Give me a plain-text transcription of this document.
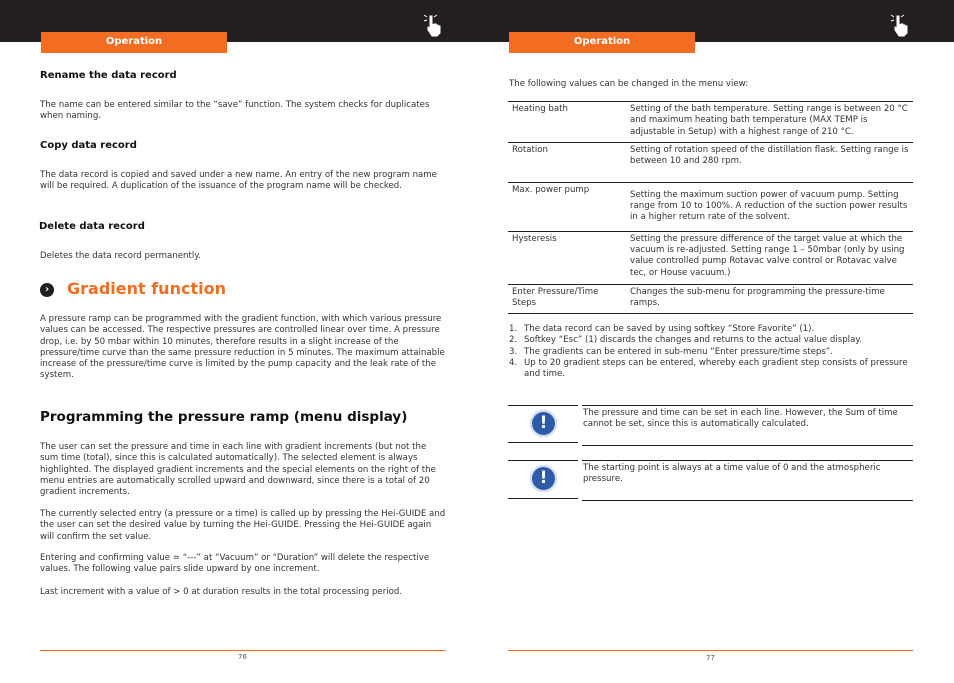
Operation	Operation
Rename the data record
The name can be entered similar to the “save” function. The system checks for duplicates when naming.
Copy data record
The data record is copied and saved under a new name. An entry of the new program name will be required. A duplication of the issuance of the program name will be checked.
Delete data record
Deletes the data record permanently.
›	Gradient function
A pressure ramp can be programmed with the gradient function, with which various pressure values can be accessed. The respective pressures are controlled linear over time. A pressure drop, i.e. by 50 mbar within 10 minutes, therefore results in a slight increase of the pressure/time curve than the same pressure reduction in 5 minutes. The maximum attainable increase of the pressure/time curve is limited by the pump capacity and the leak rate of the system.
Programming the pressure ramp (menu display)
The user can set the pressure and time in each line with gradient increments (but not the sum time (total), since this is calculated automatically). The selected element is always highlighted. The displayed gradient increments and the special elements on the right of the menu entries are automatically scrolled upward and downward, since there is a total of 20 gradient increments.
The currently selected entry (a pressure or a time) is called up by pressing the Hei-GUIDE and the user can set the desired value by turning the Hei-GUIDE. Pressing the Hei-GUIDE again will confirm the set value.
Entering and confirming value = “---” at “Vacuum” or “Duration” will delete the respective values. The following value pairs slide upward by one increment.
Last increment with a value of > 0 at duration results in the total processing period.
76
The following values can be changed in the menu view:
Heating bath		Setting of the bath temperature. Setting range is between 20 °C and maximum heating bath temperature (MAX TEMP is adjustable in Setup) with a highest range of 210 °C.
Rotation		Setting of rotation speed of the distillation flask. Setting range is between 10 and 280 rpm.
Max. power pump		Setting the maximum suction power of vacuum pump. Setting range from 10 to 100%. A reduction of the suction power results in a higher return rate of the solvent.
Hysteresis		Setting the pressure difference of the target value at which the vacuum is re-adjusted. Setting range 1 – 50mbar (only by using value controlled pump Rotavac valve control or Rotavac valve tec, or House vacuum.)
Enter Pressure/Time Steps		Changes the sub-menu for programming the pressure-time ramps.
1. The data record can be saved by using softkey “Store Favorite” (1).
2. Softkey “Esc” (1) discards the changes and returns to the actual value display.
3. The gradients can be entered in sub-menu “Enter pressure/time steps”.
4. Up to 20 gradient steps can be entered, whereby each gradient step consists of pressure and time.
!	The pressure and time can be set in each line. However, the Sum of time cannot be set, since this is automatically calculated.
!	The starting point is always at a time value of 0 and the atmospheric pressure.
77
